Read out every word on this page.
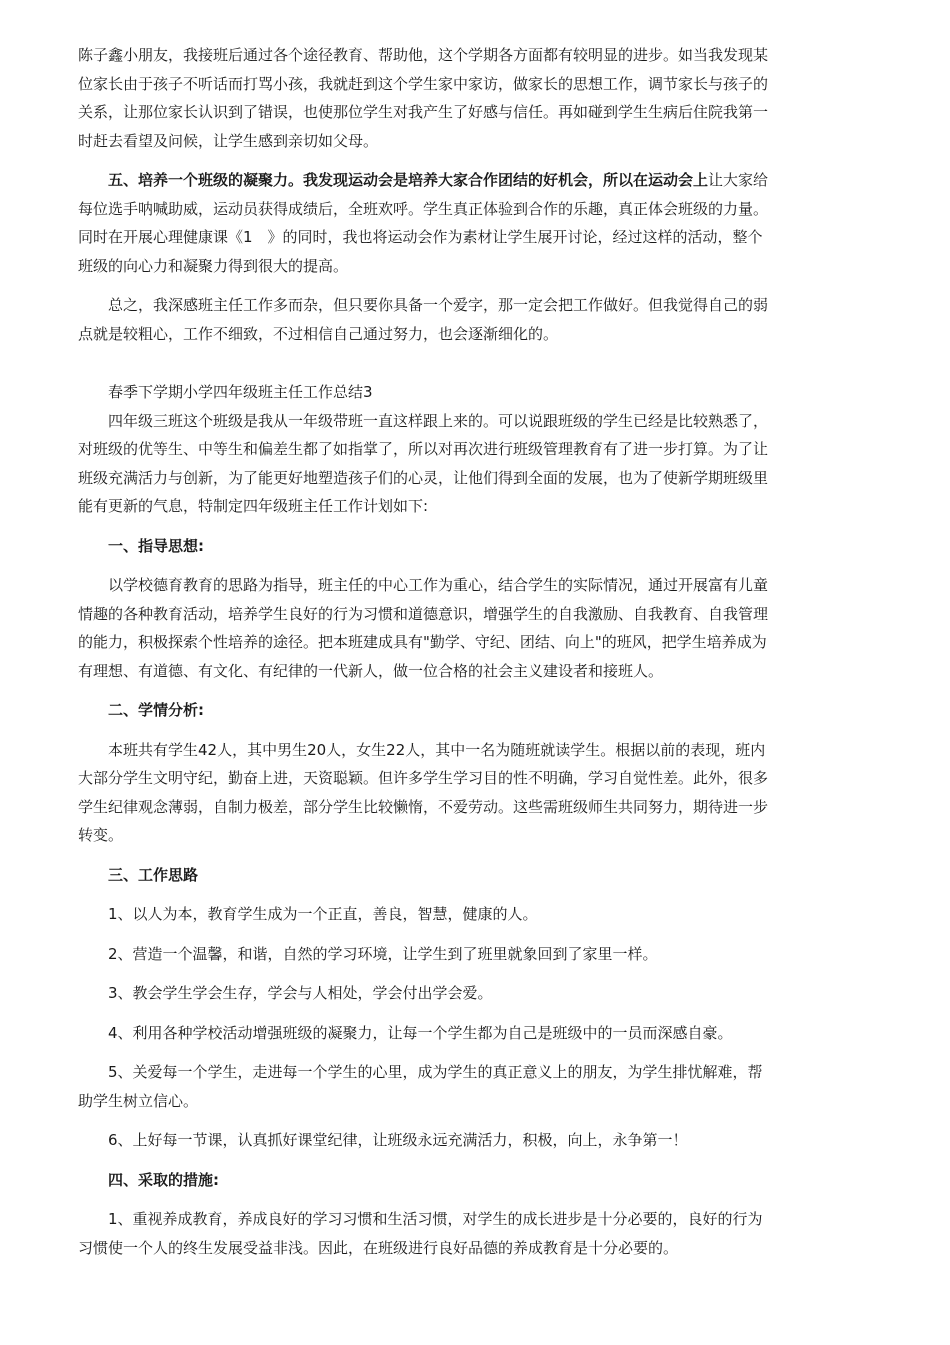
陈子鑫小朋友，我接班后通过各个途径教育、帮助他，这个学期各方面都有较明显的进步。如当我发现某位家长由于孩子不听话而打骂小孩，我就赶到这个学生家中家访，做家长的思想工作，调节家长与孩子的关系，让那位家长认识到了错误，也使那位学生对我产生了好感与信任。再如碰到学生生病后住院我第一时赶去看望及问候，让学生感到亲切如父母。

五、培养一个班级的凝聚力。我发现运动会是培养大家合作团结的好机会，所以在运动会上让大家给每位选手呐喊助威，运动员获得成绩后，全班欢呼。学生真正体验到合作的乐趣，真正体会班级的力量。同时在开展心理健康课《1　》的同时，我也将运动会作为素材让学生展开讨论，经过这样的活动，整个班级的向心力和凝聚力得到很大的提高。

总之，我深感班主任工作多而杂，但只要你具备一个爱字，那一定会把工作做好。但我觉得自己的弱点就是较粗心，工作不细致，不过相信自己通过努力，也会逐渐细化的。

春季下学期小学四年级班主任工作总结3

四年级三班这个班级是我从一年级带班一直这样跟上来的。可以说跟班级的学生已经是比较熟悉了，对班级的优等生、中等生和偏差生都了如指掌了，所以对再次进行班级管理教育有了进一步打算。为了让班级充满活力与创新，为了能更好地塑造孩子们的心灵，让他们得到全面的发展，也为了使新学期班级里能有更新的气息，特制定四年级班主任工作计划如下:

一、指导思想:

以学校德育教育的思路为指导，班主任的中心工作为重心，结合学生的实际情况，通过开展富有儿童情趣的各种教育活动，培养学生良好的行为习惯和道德意识，增强学生的自我激励、自我教育、自我管理的能力，积极探索个性培养的途径。把本班建成具有"勤学、守纪、团结、向上"的班风，把学生培养成为有理想、有道德、有文化、有纪律的一代新人，做一位合格的社会主义建设者和接班人。

二、学情分析:

本班共有学生42人，其中男生20人，女生22人，其中一名为随班就读学生。根据以前的表现，班内大部分学生文明守纪，勤奋上进，天资聪颖。但许多学生学习目的性不明确，学习自觉性差。此外，很多学生纪律观念薄弱，自制力极差，部分学生比较懒惰，不爱劳动。这些需班级师生共同努力，期待进一步转变。

三、工作思路

1、以人为本，教育学生成为一个正直，善良，智慧，健康的人。

2、营造一个温馨，和谐，自然的学习环境，让学生到了班里就象回到了家里一样。

3、教会学生学会生存，学会与人相处，学会付出学会爱。

4、利用各种学校活动增强班级的凝聚力，让每一个学生都为自己是班级中的一员而深感自豪。

5、关爱每一个学生，走进每一个学生的心里，成为学生的真正意义上的朋友，为学生排忧解难，帮助学生树立信心。

6、上好每一节课，认真抓好课堂纪律，让班级永远充满活力，积极，向上，永争第一！

四、采取的措施:

1、重视养成教育，养成良好的学习习惯和生活习惯，对学生的成长进步是十分必要的，良好的行为习惯使一个人的终生发展受益非浅。因此，在班级进行良好品德的养成教育是十分必要的。
